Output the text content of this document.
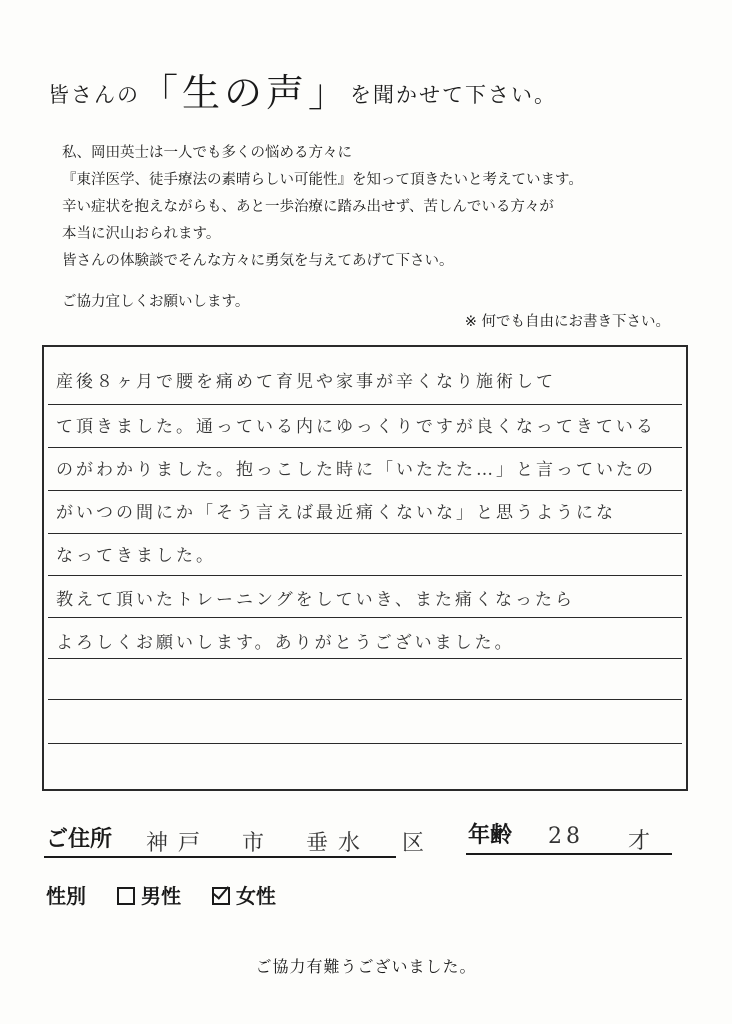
皆さんの「生の声」を聞かせて下さい。
私、岡田英士は一人でも多くの悩める方々に
『東洋医学、徒手療法の素晴らしい可能性』を知って頂きたいと考えています。
辛い症状を抱えながらも、あと一歩治療に踏み出せず、苦しんでいる方々が
本当に沢山おられます。
皆さんの体験談でそんな方々に勇気を与えてあげて下さい。
ご協力宜しくお願いします。
※ 何でも自由にお書き下さい。
産後８ヶ月で腰を痛めて育児や家事が辛くなり施術して
て頂きました。通っている内にゆっくりですが良くなってきている
のがわかりました。抱っこした時に「いたたた…」と言っていたの
がいつの間にか「そう言えば最近痛くないな」と思うようにな
なってきました。
教えて頂いたトレーニングをしていき、また痛くなったら
よろしくお願いします。ありがとうございました。
ご住所 神戸　市　垂水　区 年齢 28 才
性別	男性	女性
ご協力有難うございました。
